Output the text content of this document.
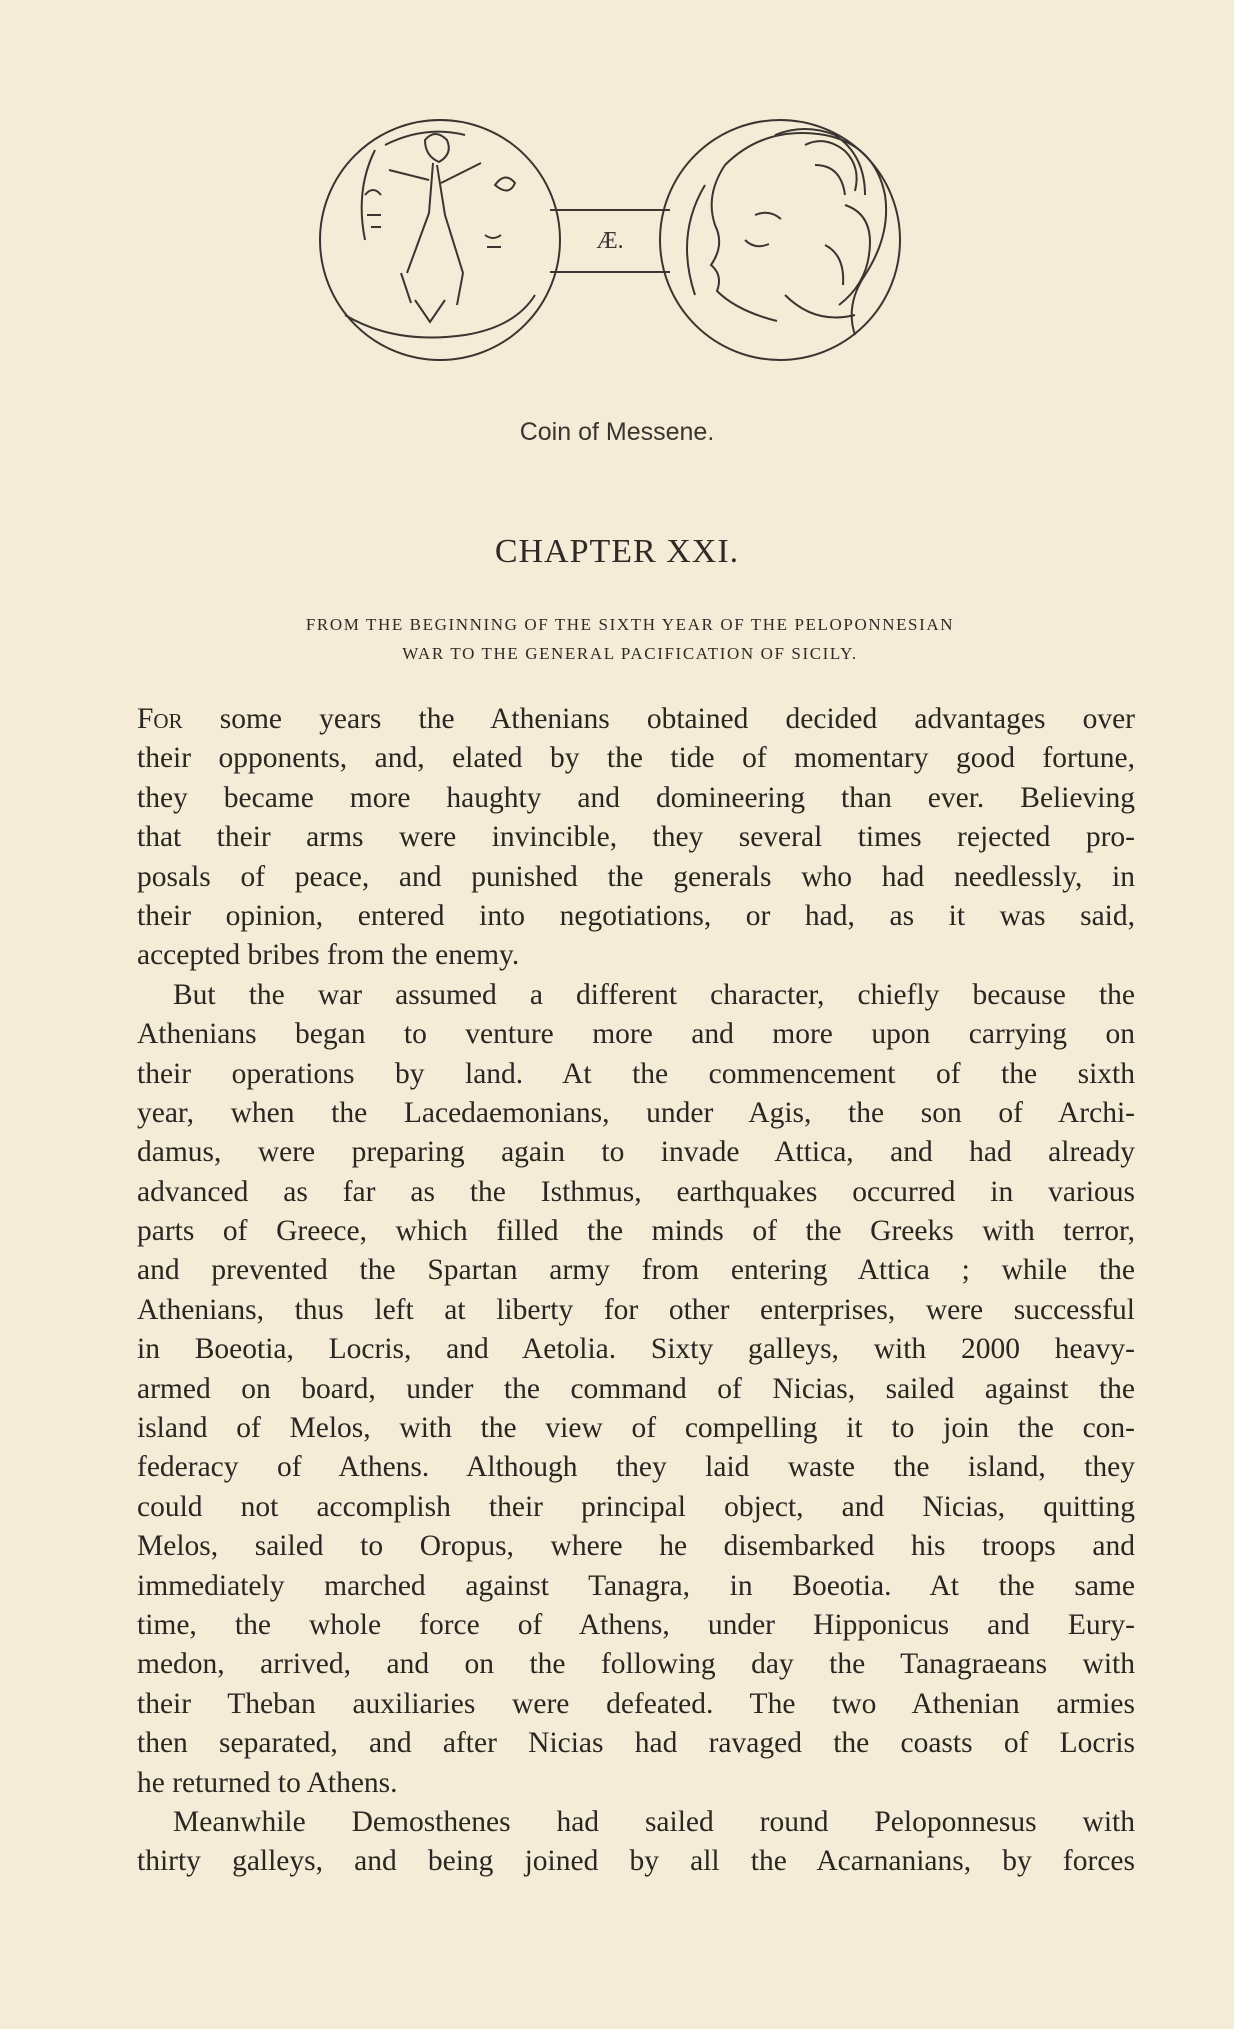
Æ.
Coin of Messene.
CHAPTER XXI.
FROM THE BEGINNING OF THE SIXTH YEAR OF THE PELOPONNESIAN
WAR TO THE GENERAL PACIFICATION OF SICILY.
For some years the Athenians obtained decided advantages over
their opponents, and, elated by the tide of momentary good fortune,
they became more haughty and domineering than ever. Believing
that their arms were invincible, they several times rejected pro-
posals of peace, and punished the generals who had needlessly, in
their opinion, entered into negotiations, or had, as it was said,
accepted bribes from the enemy.
But the war assumed a different character, chiefly because the
Athenians began to venture more and more upon carrying on
their operations by land. At the commencement of the sixth
year, when the Lacedaemonians, under Agis, the son of Archi-
damus, were preparing again to invade Attica, and had already
advanced as far as the Isthmus, earthquakes occurred in various
parts of Greece, which filled the minds of the Greeks with terror,
and prevented the Spartan army from entering Attica ; while the
Athenians, thus left at liberty for other enterprises, were successful
in Boeotia, Locris, and Aetolia. Sixty galleys, with 2000 heavy-
armed on board, under the command of Nicias, sailed against the
island of Melos, with the view of compelling it to join the con-
federacy of Athens. Although they laid waste the island, they
could not accomplish their principal object, and Nicias, quitting
Melos, sailed to Oropus, where he disembarked his troops and
immediately marched against Tanagra, in Boeotia. At the same
time, the whole force of Athens, under Hipponicus and Eury-
medon, arrived, and on the following day the Tanagraeans with
their Theban auxiliaries were defeated. The two Athenian armies
then separated, and after Nicias had ravaged the coasts of Locris
he returned to Athens.
Meanwhile Demosthenes had sailed round Peloponnesus with
thirty galleys, and being joined by all the Acarnanians, by forces
